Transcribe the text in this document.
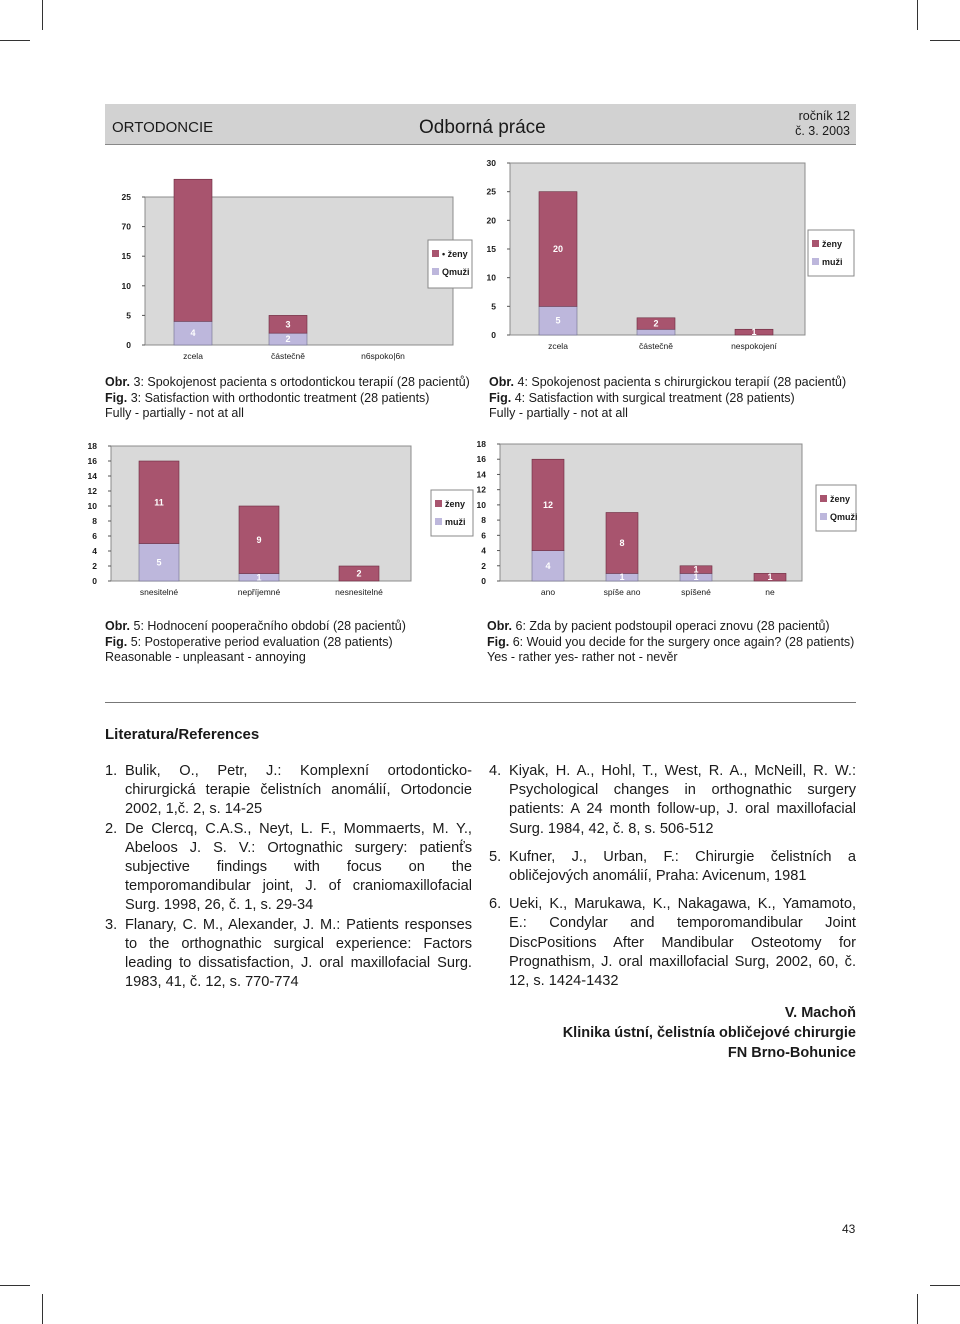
ORTODONCIE	Odborná práce
ročník 12
č. 3. 2003
0
5
10
15
70
25
4
zcela
3
2
částečně	n6spoko|6n
• ženy
Qmuži
0
5
10
15
20
25
30
20
5
zcela
2
částečně
1
nespokojení
ženy
muži
0
2
4
6
8
10
12
14
16
18
11
5
snesitelné
9
1
nepříjemné
2
nesnesitelné
ženy
muži
0
2
4
6
8
10
12
14
16
18
12
4
ano
8
1
spíše ano
1
1
spíšené
1
ne
ženy
Qmuži
Obr. 3: Spokojenost pacienta s ortodontickou terapií (28 pacientů)
Fig. 3: Satisfaction with orthodontic treatment (28 patients)
Fully - partially - not at all
Obr. 4: Spokojenost pacienta s chirurgickou terapií (28 pacientů)
Fig. 4: Satisfaction with surgical treatment (28 patients)
Fully - partially - not at all
Obr. 5: Hodnocení pooperačního období (28 pacientů)
Fig. 5: Postoperative period evaluation (28 patients)
Reasonable - unpleasant - annoying
Obr. 6: Zda by pacient podstoupil operaci znovu (28 pacientů)
Fig. 6: Wouid you decide for the surgery once again? (28 patients)
Yes - rather yes- rather not - nevěr
Literatura/References
1. Bulik, O., Petr, J.: Komplexní ortodonticko- chirurgická terapie čelistních anomálií, Ortodoncie 2002, 1,č. 2, s. 14-25
2. De Clercq, C.A.S., Neyt, L. F., Mommaerts, M. Y., Abeloos J. S. V.: Ortognathic surgery: patienť́s subjective findings with focus on the temporomandibular joint, J. of craniomaxillofacial Surg. 1998, 26, č. 1, s. 29-34
3. Flanary, C. M., Alexander, J. M.: Patients responses to the orthognathic surgical experience: Factors leading to dissatisfaction, J. oral maxillofacial Surg. 1983, 41, č. 12, s. 770-774
4. Kiyak, H. A., Hohl, T., West, R. A., McNeill, R. W.: Psychological changes in orthognathic surgery patients: A 24 month follow-up, J. oral maxillofacial Surg. 1984, 42, č. 8, s. 506-512
5. Kufner, J., Urban, F.: Chirurgie čelistních a obličejových anomálií, Praha: Avicenum, 1981
6. Ueki, K., Marukawa, K., Nakagawa, K., Yamamoto, E.: Condylar and temporomandibular Joint DiscPositions After Mandibular Osteotomy for Prognathism, J. oral maxillofacial Surg, 2002, 60, č. 12, s. 1424-1432
V. Machoň
Klinika ústní, čelistnía obličejové chirurgie
FN Brno-Bohunice
43
